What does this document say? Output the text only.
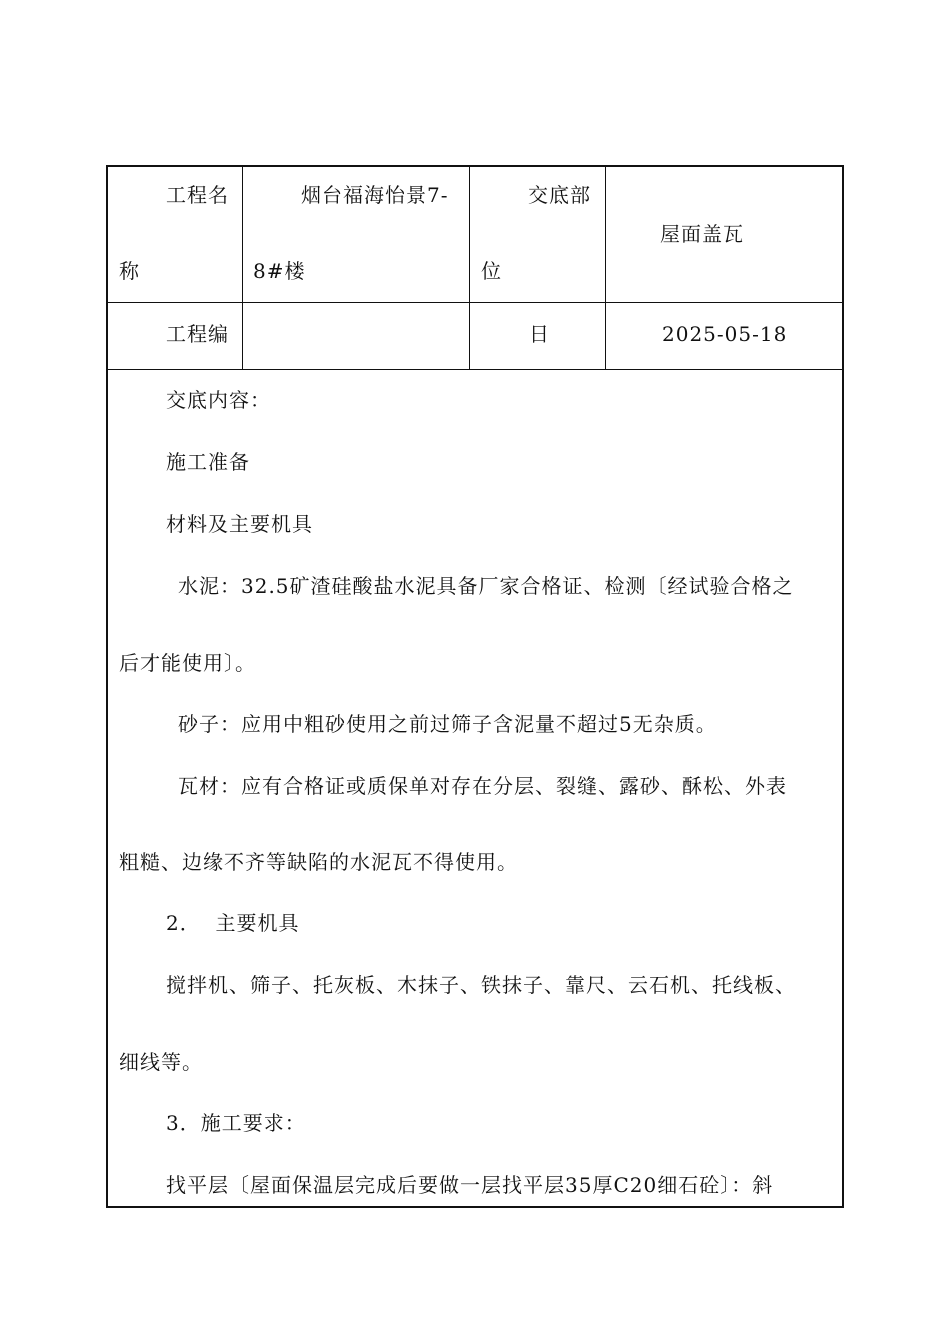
工程名
称
烟台福海怡景7-
8#楼
交底部
位
屋面盖瓦
工程编	日	2025-05-18
交底内容：
施工准备
材料及主要机具
水泥：32.5矿渣硅酸盐水泥具备厂家合格证、检测〔经试验合格之
后才能使用〕。
砂子：应用中粗砂使用之前过筛子含泥量不超过5无杂质。
瓦材：应有合格证或质保单对存在分层、裂缝、露砂、酥松、外表
粗糙、边缘不齐等缺陷的水泥瓦不得使用。
2．  主要机具
搅拌机、筛子、托灰板、木抹子、铁抹子、靠尺、云石机、托线板、
细线等。
3．施工要求：
找平层〔屋面保温层完成后要做一层找平层35厚C20细石砼〕：斜
